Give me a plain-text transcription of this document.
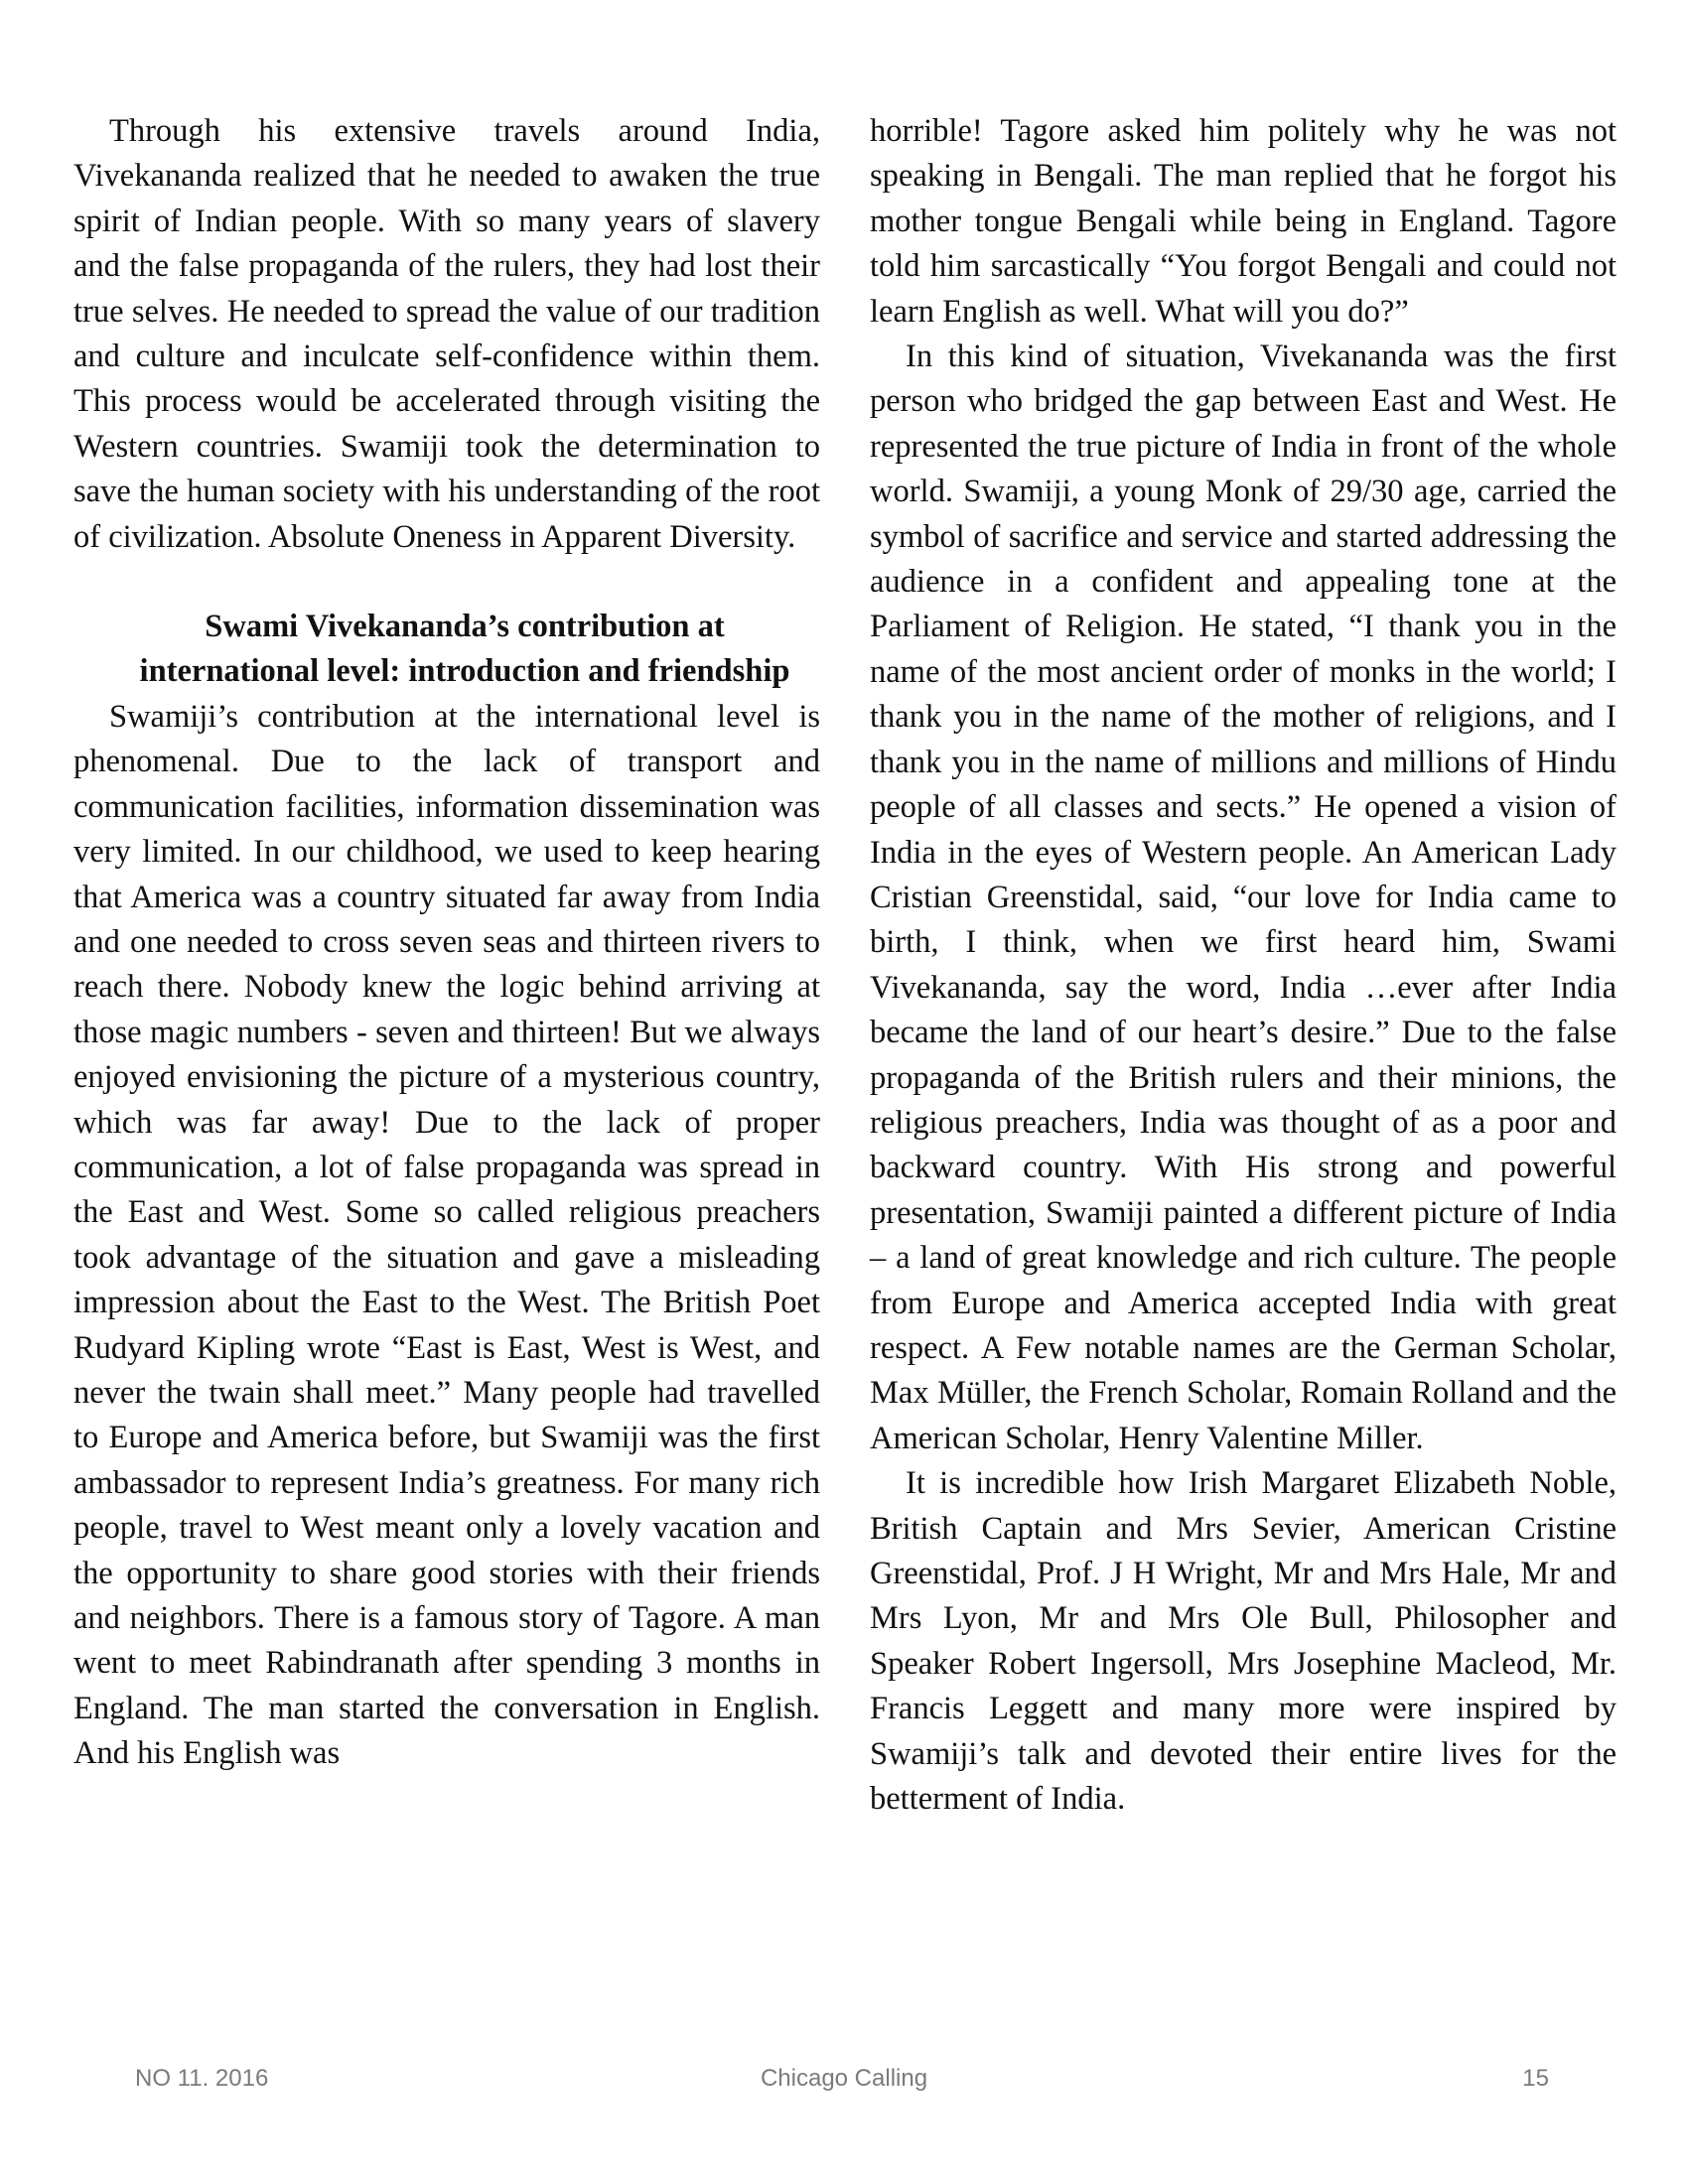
Through his extensive travels around India, Vivekananda realized that he needed to awaken the true spirit of Indian people. With so many years of slavery and the false propaganda of the rulers, they had lost their true selves. He needed to spread the value of our tradition and culture and inculcate self-confidence within them. This process would be accelerated through visiting the Western countries. Swamiji took the determination to save the human society with his understanding of the root of civilization. Absolute Oneness in Apparent Diversity.

Swami Vivekananda’s contribution at

international level: introduction and friendship

Swamiji’s contribution at the international level is phenomenal. Due to the lack of transport and communication facilities, information dissemination was very limited. In our childhood, we used to keep hearing that America was a country situated far away from India and one needed to cross seven seas and thirteen rivers to reach there. Nobody knew the logic behind arriving at those magic numbers - seven and thirteen! But we always enjoyed envisioning the picture of a mysterious country, which was far away! Due to the lack of proper communication, a lot of false propaganda was spread in the East and West. Some so called religious preachers took advantage of the situation and gave a misleading impression about the East to the West. The British Poet Rudyard Kipling wrote “East is East, West is West, and never the twain shall meet.” Many people had travelled to Europe and America before, but Swamiji was the first ambassador to represent India’s greatness. For many rich people, travel to West meant only a lovely vacation and the opportunity to share good stories with their friends and neighbors. There is a famous story of Tagore. A man went to meet Rabindranath after spending 3 months in England. The man started the conversation in English. And his English was

horrible! Tagore asked him politely why he was not speaking in Bengali. The man replied that he forgot his mother tongue Bengali while being in England. Tagore told him sarcastically “You forgot Bengali and could not learn English as well. What will you do?”

In this kind of situation, Vivekananda was the first person who bridged the gap between East and West. He represented the true picture of India in front of the whole world. Swamiji, a young Monk of 29/30 age, carried the symbol of sacrifice and service and started addressing the audience in a confident and appealing tone at the Parliament of Religion. He stated, “I thank you in the name of the most ancient order of monks in the world; I thank you in the name of the mother of religions, and I thank you in the name of millions and millions of Hindu people of all classes and sects.” He opened a vision of India in the eyes of Western people. An American Lady Cristian Greenstidal, said, “our love for India came to birth, I think, when we first heard him, Swami Vivekananda, say the word, India …ever after India became the land of our heart’s desire.” Due to the false propaganda of the British rulers and their minions, the religious preachers, India was thought of as a poor and backward country. With His strong and powerful presentation, Swamiji painted a different picture of India – a land of great knowledge and rich culture. The people from Europe and America accepted India with great respect. A Few notable names are the German Scholar, Max Müller, the French Scholar, Romain Rolland and the American Scholar, Henry Valentine Miller.

It is incredible how Irish Margaret Elizabeth Noble, British Captain and Mrs Sevier, American Cristine Greenstidal, Prof. J H Wright, Mr and Mrs Hale, Mr and Mrs Lyon, Mr and Mrs Ole Bull, Philosopher and Speaker Robert Ingersoll, Mrs Josephine Macleod, Mr. Francis Leggett and many more were inspired by Swamiji’s talk and devoted their entire lives for the betterment of India.

NO 11. 2016	Chicago Calling	15
